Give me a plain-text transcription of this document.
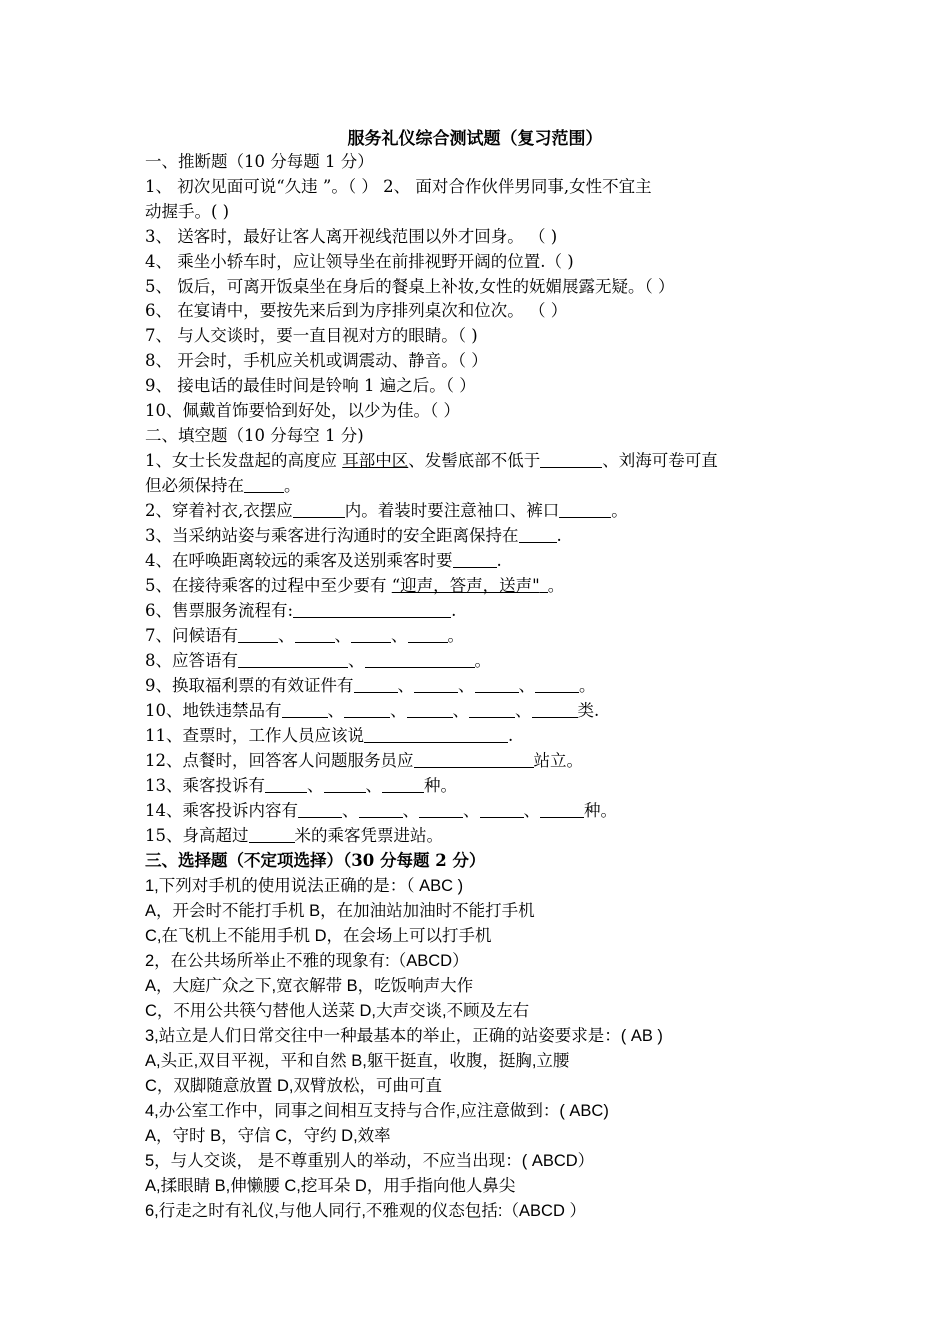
服务礼仪综合测试题（复习范围）
一、推断题（10 分每题 1 分）
1、 初次见面可说“久违 ”。（ ） 2、 面对合作伙伴男同事,女性不宜主
动握手。( )
3、 送客时，最好让客人离开视线范围以外才回身。 （ )
4、 乘坐小轿车时，应让领导坐在前排视野开阔的位置.（ )
5、 饭后，可离开饭桌坐在身后的餐桌上补妆,女性的妩媚展露无疑。（ ）
6、 在宴请中，要按先来后到为序排列桌次和位次。 （ ）
7、 与人交谈时，要一直目视对方的眼睛。（ )
8、 开会时，手机应关机或调震动、静音。（ ）
9、 接电话的最佳时间是铃响 1 遍之后。（ ）
10、佩戴首饰要恰到好处，以少为佳。（ ）
二、填空题（10 分每空 1 分)
1、女士长发盘起的高度应 耳部中区、发髻底部不低于	、刘海可卷可直
但必须保持在 。
2、穿着衬衣,衣摆应	内。着装时要注意袖口、裤口	。
3、当采纳站姿与乘客进行沟通时的安全距离保持在 .
4、在呼唤距离较远的乘客及送别乘客时要	.
5、在接待乘客的过程中至少要有 “迎声，答声，送声" 。
6、售票服务流程有:	.
7、问候语有 、 、 、 。
8、应答语有	、	。
9、换取福利票的有效证件有	、	、	、	。
10、地铁违禁品有	、	、	、	、	类.
11、查票时，工作人员应该说	.
12、点餐时，回答客人问题服务员应	站立。
13、乘客投诉有	、	、	种。
14、乘客投诉内容有	、	、	、	、	种。
15、身高超过	米的乘客凭票进站。
三、选择题（不定项选择）（30 分每题 2 分）
1,下列对手机的使用说法正确的是：（ ABC )
A，开会时不能打手机 B，在加油站加油时不能打手机
C,在飞机上不能用手机 D，在会场上可以打手机
2，在公共场所举止不雅的现象有:（ABCD）
A，大庭广众之下,宽衣解带 B，吃饭响声大作
C，不用公共筷勺替他人送菜 D,大声交谈,不顾及左右
3,站立是人们日常交往中一种最基本的举止，正确的站姿要求是：( AB )
A,头正,双目平视，平和自然 B,躯干挺直，收腹，挺胸,立腰
C，双脚随意放置 D,双臂放松，可曲可直
4,办公室工作中，同事之间相互支持与合作,应注意做到：( ABC)
A，守时 B，守信 C，守约 D,效率
5，与人交谈， 是不尊重别人的举动，不应当出现：( ABCD）
A,揉眼睛 B,伸懒腰 C,挖耳朵 D，用手指向他人鼻尖
6,行走之时有礼仪,与他人同行,不雅观的仪态包括:（ABCD ）
